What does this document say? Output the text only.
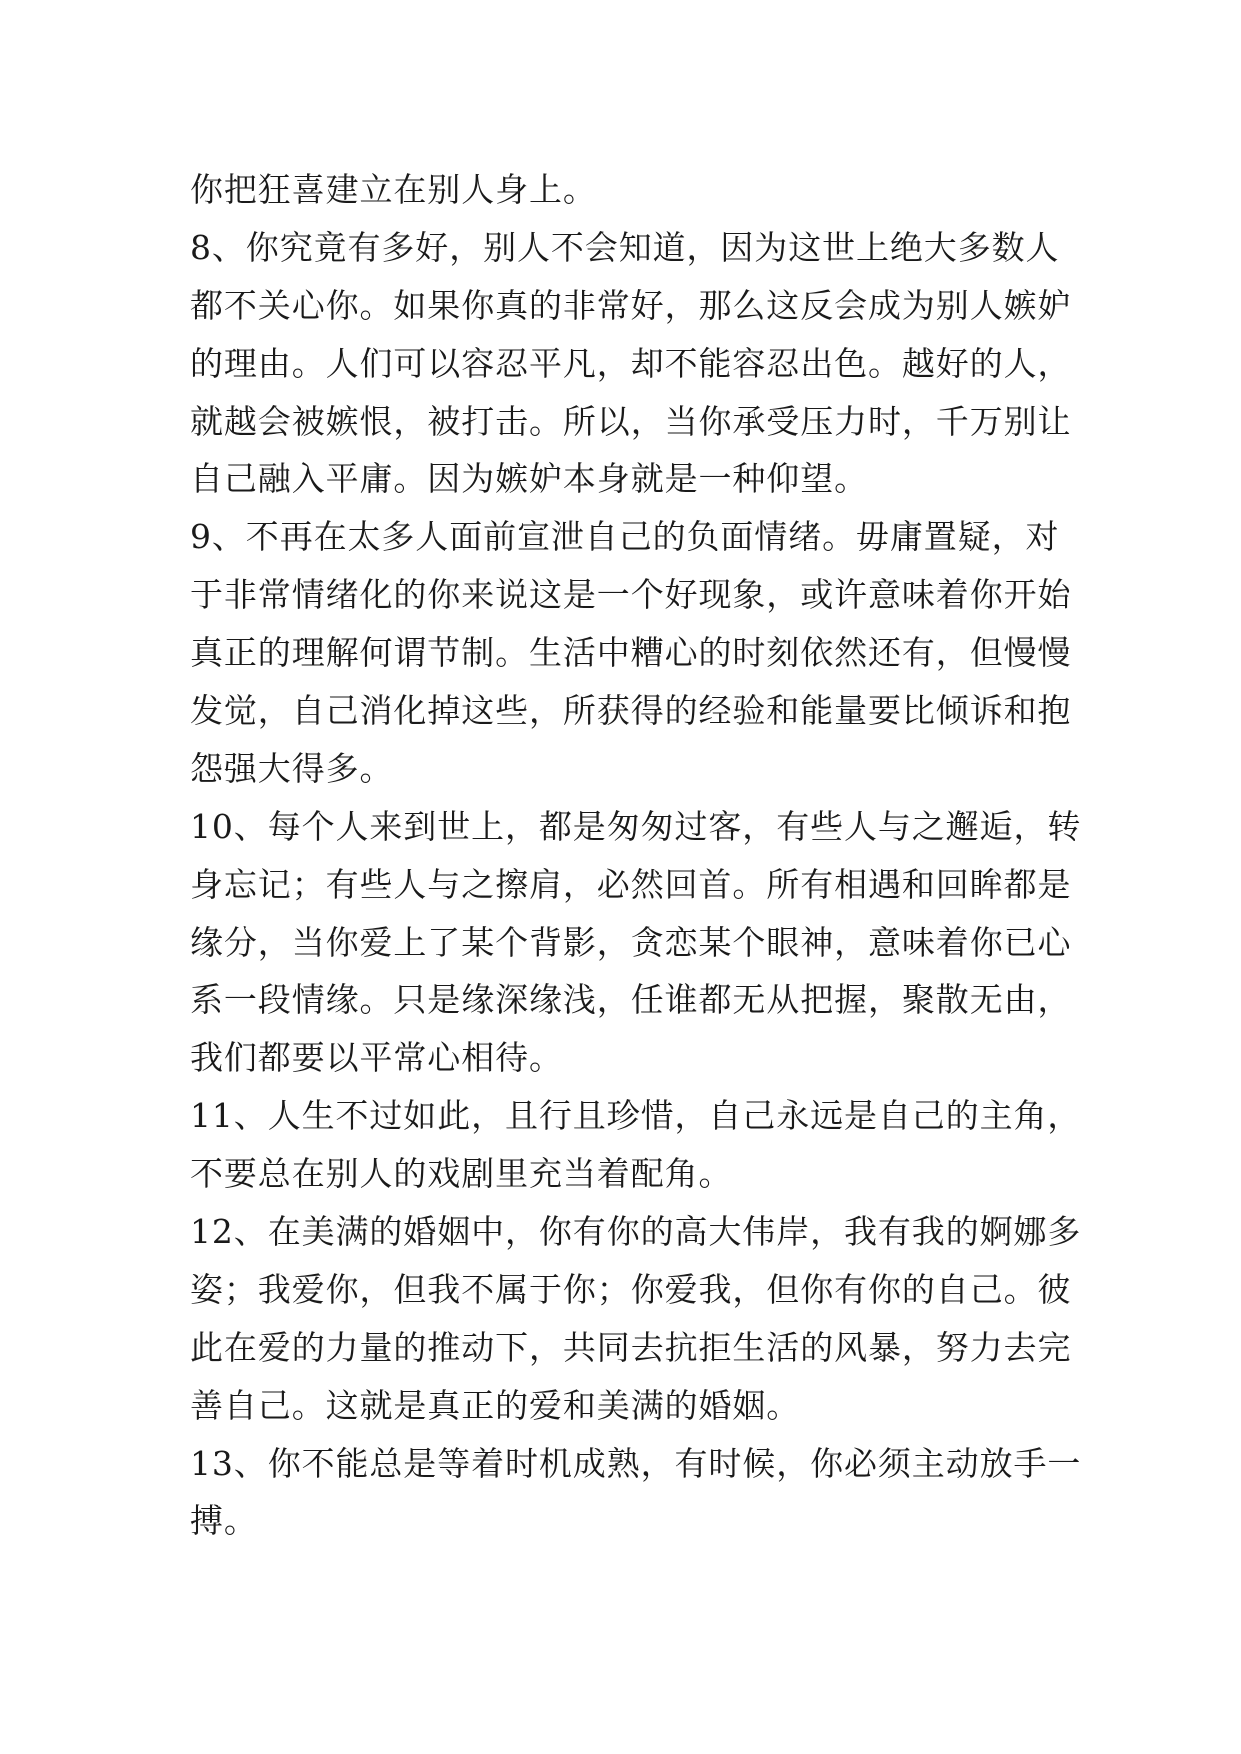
你把狂喜建立在别人身上。
8、你究竟有多好，别人不会知道，因为这世上绝大多数人
都不关心你。如果你真的非常好，那么这反会成为别人嫉妒
的理由。人们可以容忍平凡，却不能容忍出色。越好的人，
就越会被嫉恨，被打击。所以，当你承受压力时，千万别让
自己融入平庸。因为嫉妒本身就是一种仰望。
9、不再在太多人面前宣泄自己的负面情绪。毋庸置疑，对
于非常情绪化的你来说这是一个好现象，或许意味着你开始
真正的理解何谓节制。生活中糟心的时刻依然还有，但慢慢
发觉，自己消化掉这些，所获得的经验和能量要比倾诉和抱
怨强大得多。
10、每个人来到世上，都是匆匆过客，有些人与之邂逅，转
身忘记；有些人与之擦肩，必然回首。所有相遇和回眸都是
缘分，当你爱上了某个背影，贪恋某个眼神，意味着你已心
系一段情缘。只是缘深缘浅，任谁都无从把握，聚散无由，
我们都要以平常心相待。
11、人生不过如此，且行且珍惜，自己永远是自己的主角，
不要总在别人的戏剧里充当着配角。
12、在美满的婚姻中，你有你的高大伟岸，我有我的婀娜多
姿；我爱你，但我不属于你；你爱我，但你有你的自己。彼
此在爱的力量的推动下，共同去抗拒生活的风暴，努力去完
善自己。这就是真正的爱和美满的婚姻。
13、你不能总是等着时机成熟，有时候，你必须主动放手一
搏。
